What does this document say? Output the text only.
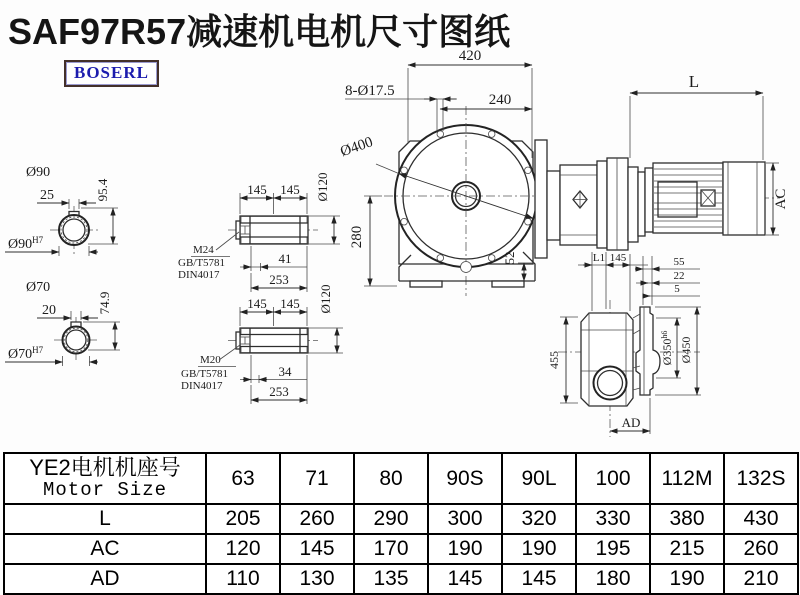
Ø90
25	95.4
$Ø90^{H7}$
Ø70
20	74.9
$Ø70^{H7}$
145 145 Ø120
M24
GB/T5781
DIN4017
41
253
145 145 Ø120
M20
GB/T5781
DIN4017
34
253
280
52
420
8-Ø17.5
240
Ø400
L
AC
L1 145	55
22
5
455	$Ø350^{h6}$
Ø450
AD
SAF97R57减速机电机尺寸图纸
BOSERL
YE2电机机座号
Motor Size	63	71	80	90S	90L	100	112M	132S
L	205	260	290	300	320	330	380	430
AC	120	145	170	190	190	195	215	260
AD	110	130	135	145	145	180	190	210
